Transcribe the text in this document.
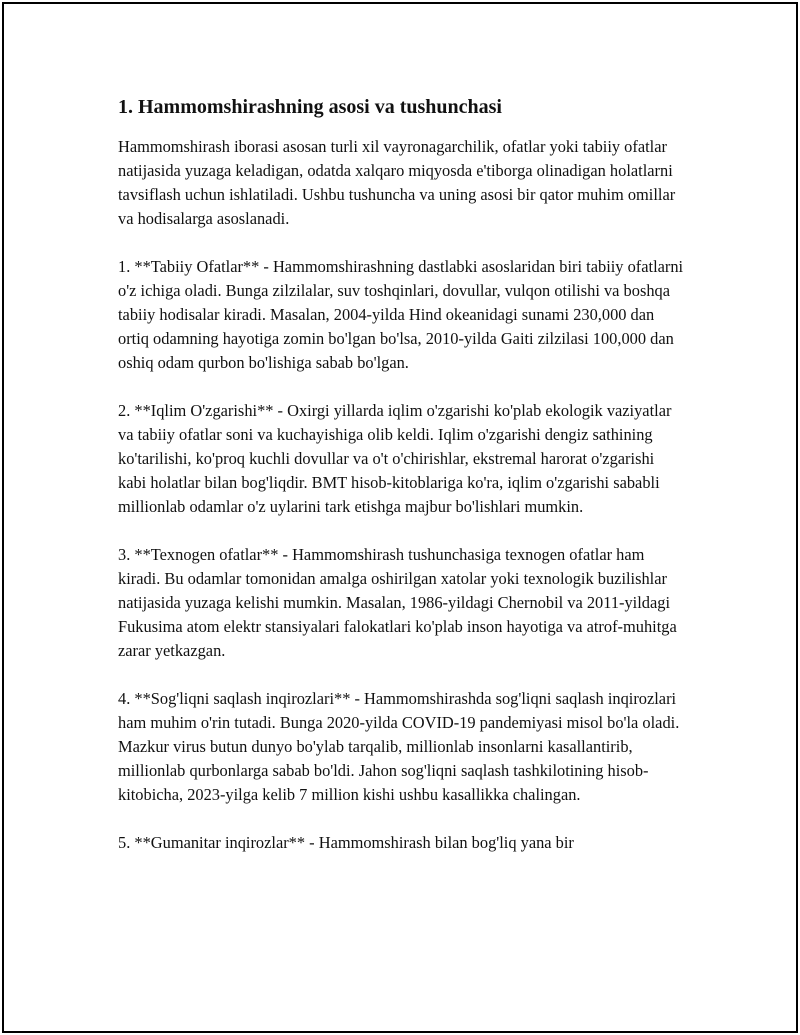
1. Hammomshirashning asosi va tushunchasi

Hammomshirash iborasi asosan turli xil vayronagarchilik, ofatlar yoki tabiiy ofatlar natijasida yuzaga keladigan, odatda xalqaro miqyosda e'tiborga olinadigan holatlarni tavsiflash uchun ishlatiladi. Ushbu tushuncha va uning asosi bir qator muhim omillar va hodisalarga asoslanadi.

1. **Tabiiy Ofatlar** - Hammomshirashning dastlabki asoslaridan biri tabiiy ofatlarni o'z ichiga oladi. Bunga zilzilalar, suv toshqinlari, dovullar, vulqon otilishi va boshqa tabiiy hodisalar kiradi. Masalan, 2004-yilda Hind okeanidagi sunami 230,000 dan ortiq odamning hayotiga zomin bo'lgan bo'lsa, 2010-yilda Gaiti zilzilasi 100,000 dan oshiq odam qurbon bo'lishiga sabab bo'lgan.

2. **Iqlim O'zgarishi** - Oxirgi yillarda iqlim o'zgarishi ko'plab ekologik vaziyatlar va tabiiy ofatlar soni va kuchayishiga olib keldi. Iqlim o'zgarishi dengiz sathining ko'tarilishi, ko'proq kuchli dovullar va o't o'chirishlar, ekstremal harorat o'zgarishi kabi holatlar bilan bog'liqdir. BMT hisob-kitoblariga ko'ra, iqlim o'zgarishi sababli millionlab odamlar o'z uylarini tark etishga majbur bo'lishlari mumkin.

3. **Texnogen ofatlar** - Hammomshirash tushunchasiga texnogen ofatlar ham kiradi. Bu odamlar tomonidan amalga oshirilgan xatolar yoki texnologik buzilishlar natijasida yuzaga kelishi mumkin. Masalan, 1986-yildagi Chernobil va 2011-yildagi Fukusima atom elektr stansiyalari falokatlari ko'plab inson hayotiga va atrof-muhitga zarar yetkazgan.

4. **Sog'liqni saqlash inqirozlari** - Hammomshirashda sog'liqni saqlash inqirozlari ham muhim o'rin tutadi. Bunga 2020-yilda COVID-19 pandemiyasi misol bo'la oladi. Mazkur virus butun dunyo bo'ylab tarqalib, millionlab insonlarni kasallantirib, millionlab qurbonlarga sabab bo'ldi. Jahon sog'liqni saqlash tashkilotining hisob-kitobicha, 2023-yilga kelib 7 million kishi ushbu kasallikka chalingan.

5. **Gumanitar inqirozlar** - Hammomshirash bilan bog'liq yana bir
